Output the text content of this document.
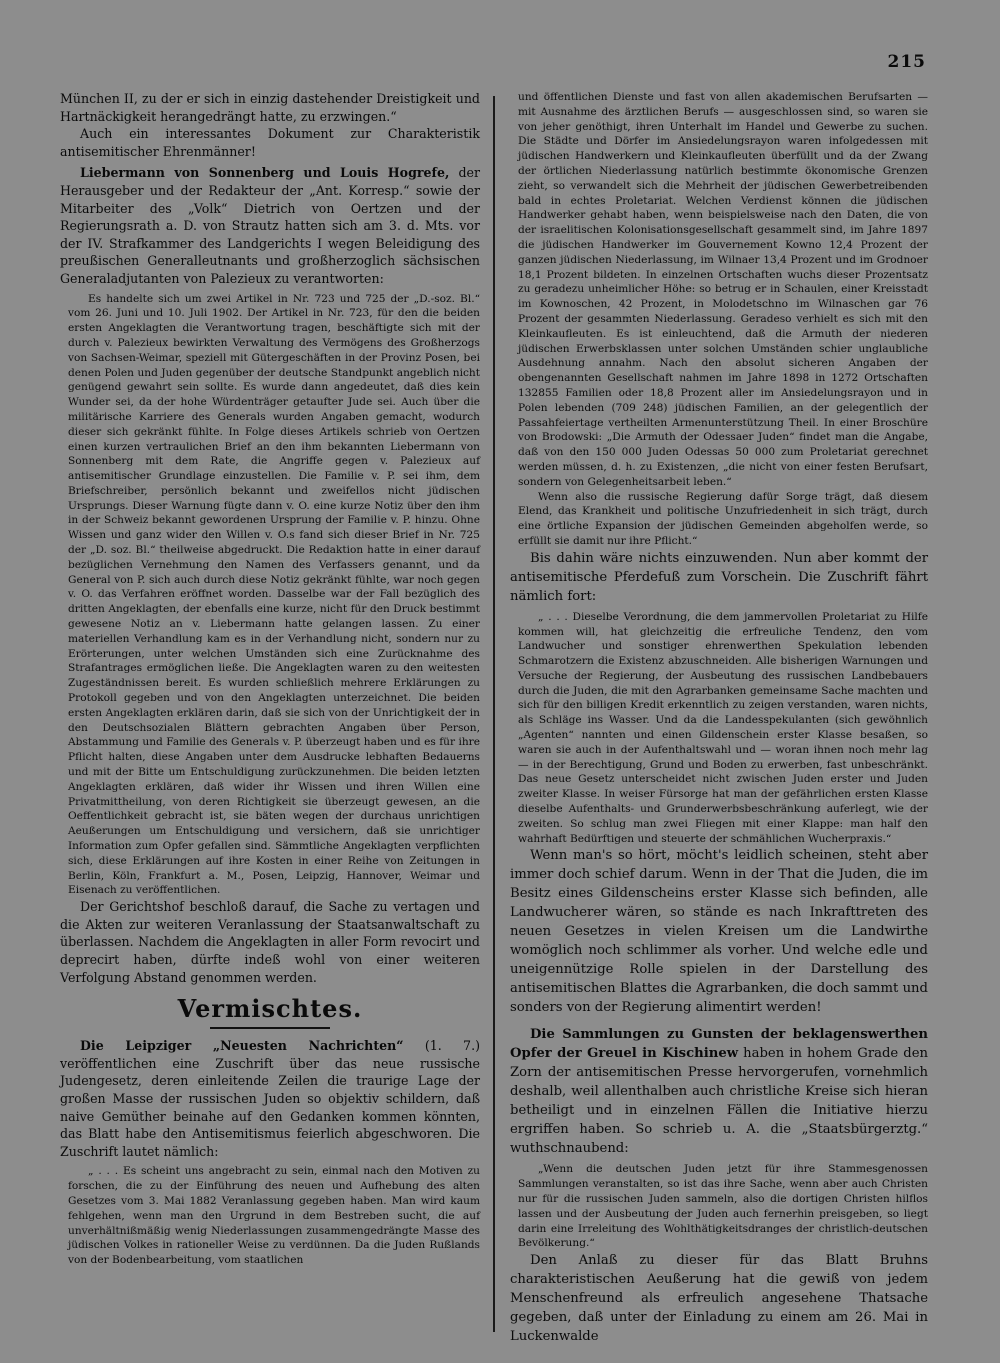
215

München II, zu der er sich in einzig dastehender Dreistigkeit und Hartnäckigkeit herangedrängt hatte, zu erzwingen.“

Auch ein interessantes Dokument zur Charakteristik antisemitischer Ehrenmänner!

Liebermann von Sonnenberg und Louis Hogrefe, der Herausgeber und der Redakteur der „Ant. Korresp.“ sowie der Mitarbeiter des „Volk“ Dietrich von Oertzen und der Regierungsrath a. D. von Strautz hatten sich am 3. d. Mts. vor der IV. Strafkammer des Landgerichts I wegen Beleidigung des preußischen Generalleutnants und großherzoglich sächsischen Generaladjutanten von Palezieux zu verantworten:

Es handelte sich um zwei Artikel in Nr. 723 und 725 der „D.-soz. Bl.“ vom 26. Juni und 10. Juli 1902. Der Artikel in Nr. 723, für den die beiden ersten Angeklagten die Verantwortung tragen, beschäftigte sich mit der durch v. Palezieux bewirkten Verwaltung des Vermögens des Großherzogs von Sachsen-Weimar, speziell mit Gütergeschäften in der Provinz Posen, bei denen Polen und Juden gegenüber der deutsche Standpunkt angeblich nicht genügend gewahrt sein sollte. Es wurde dann angedeutet, daß dies kein Wunder sei, da der hohe Würdenträger getaufter Jude sei. Auch über die militärische Karriere des Generals wurden Angaben gemacht, wodurch dieser sich gekränkt fühlte. In Folge dieses Artikels schrieb von Oertzen einen kurzen vertraulichen Brief an den ihm bekannten Liebermann von Sonnenberg mit dem Rate, die Angriffe gegen v. Palezieux auf antisemitischer Grundlage einzustellen. Die Familie v. P. sei ihm, dem Briefschreiber, persönlich bekannt und zweifellos nicht jüdischen Ursprungs. Dieser Warnung fügte dann v. O. eine kurze Notiz über den ihm in der Schweiz bekannt gewordenen Ursprung der Familie v. P. hinzu. Ohne Wissen und ganz wider den Willen v. O.s fand sich dieser Brief in Nr. 725 der „D. soz. Bl.“ theilweise abgedruckt. Die Redaktion hatte in einer darauf bezüglichen Vernehmung den Namen des Verfassers genannt, und da General von P. sich auch durch diese Notiz gekränkt fühlte, war noch gegen v. O. das Verfahren eröffnet worden. Dasselbe war der Fall bezüglich des dritten Angeklagten, der ebenfalls eine kurze, nicht für den Druck bestimmt gewesene Notiz an v. Liebermann hatte gelangen lassen. Zu einer materiellen Verhandlung kam es in der Verhandlung nicht, sondern nur zu Erörterungen, unter welchen Umständen sich eine Zurücknahme des Strafantrages ermöglichen ließe. Die Angeklagten waren zu den weitesten Zugeständnissen bereit. Es wurden schließlich mehrere Erklärungen zu Protokoll gegeben und von den Angeklagten unterzeichnet. Die beiden ersten Angeklagten erklären darin, daß sie sich von der Unrichtigkeit der in den Deutschsozialen Blättern gebrachten Angaben über Person, Abstammung und Familie des Generals v. P. überzeugt haben und es für ihre Pflicht halten, diese Angaben unter dem Ausdrucke lebhaften Bedauerns und mit der Bitte um Entschuldigung zurückzunehmen. Die beiden letzten Angeklagten erklären, daß wider ihr Wissen und ihren Willen eine Privatmittheilung, von deren Richtigkeit sie überzeugt gewesen, an die Oeffentlichkeit gebracht ist, sie bäten wegen der durchaus unrichtigen Aeußerungen um Entschuldigung und versichern, daß sie unrichtiger Information zum Opfer gefallen sind. Sämmtliche Angeklagten verpflichten sich, diese Erklärungen auf ihre Kosten in einer Reihe von Zeitungen in Berlin, Köln, Frankfurt a. M., Posen, Leipzig, Hannover, Weimar und Eisenach zu veröffentlichen.

Der Gerichtshof beschloß darauf, die Sache zu vertagen und die Akten zur weiteren Veranlassung der Staatsanwaltschaft zu überlassen. Nachdem die Angeklagten in aller Form revocirt und deprecirt haben, dürfte indeß wohl von einer weiteren Verfolgung Abstand genommen werden.

Vermischtes.

Die Leipziger „Neuesten Nachrichten“ (1. 7.) veröffentlichen eine Zuschrift über das neue russische Judengesetz, deren einleitende Zeilen die traurige Lage der großen Masse der russischen Juden so objektiv schildern, daß naive Gemüther beinahe auf den Gedanken kommen könnten, das Blatt habe den Antisemitismus feierlich abgeschworen. Die Zuschrift lautet nämlich:

„ . . . Es scheint uns angebracht zu sein, einmal nach den Motiven zu forschen, die zu der Einführung des neuen und Aufhebung des alten Gesetzes vom 3. Mai 1882 Veranlassung gegeben haben. Man wird kaum fehlgehen, wenn man den Urgrund in dem Bestreben sucht, die auf unverhältnißmäßig wenig Niederlassungen zusammengedrängte Masse des jüdischen Volkes in rationeller Weise zu verdünnen. Da die Juden Rußlands von der Bodenbearbeitung, vom staatlichen

und öffentlichen Dienste und fast von allen akademischen Berufsarten — mit Ausnahme des ärztlichen Berufs — ausgeschlossen sind, so waren sie von jeher genöthigt, ihren Unterhalt im Handel und Gewerbe zu suchen. Die Städte und Dörfer im Ansiedelungsrayon waren infolgedessen mit jüdischen Handwerkern und Kleinkaufleuten überfüllt und da der Zwang der örtlichen Niederlassung natürlich bestimmte ökonomische Grenzen zieht, so verwandelt sich die Mehrheit der jüdischen Gewerbetreibenden bald in echtes Proletariat. Welchen Verdienst können die jüdischen Handwerker gehabt haben, wenn beispielsweise nach den Daten, die von der israelitischen Kolonisationsgesellschaft gesammelt sind, im Jahre 1897 die jüdischen Handwerker im Gouvernement Kowno 12,4 Prozent der ganzen jüdischen Niederlassung, im Wilnaer 13,4 Prozent und im Grodnoer 18,1 Prozent bildeten. In einzelnen Ortschaften wuchs dieser Prozentsatz zu geradezu unheimlicher Höhe: so betrug er in Schaulen, einer Kreisstadt im Kownoschen, 42 Prozent, in Molodetschno im Wilnaschen gar 76 Prozent der gesammten Niederlassung. Geradeso verhielt es sich mit den Kleinkaufleuten. Es ist einleuchtend, daß die Armuth der niederen jüdischen Erwerbsklassen unter solchen Umständen schier unglaubliche Ausdehnung annahm. Nach den absolut sicheren Angaben der obengenannten Gesellschaft nahmen im Jahre 1898 in 1272 Ortschaften 132855 Familien oder 18,8 Prozent aller im Ansiedelungsrayon und in Polen lebenden (709 248) jüdischen Familien, an der gelegentlich der Passahfeiertage vertheilten Armenunterstützung Theil. In einer Broschüre von Brodowski: „Die Armuth der Odessaer Juden“ findet man die Angabe, daß von den 150 000 Juden Odessas 50 000 zum Proletariat gerechnet werden müssen, d. h. zu Existenzen, „die nicht von einer festen Berufsart, sondern von Gelegenheitsarbeit leben.“

Wenn also die russische Regierung dafür Sorge trägt, daß diesem Elend, das Krankheit und politische Unzufriedenheit in sich trägt, durch eine örtliche Expansion der jüdischen Gemeinden abgeholfen werde, so erfüllt sie damit nur ihre Pflicht.“

Bis dahin wäre nichts einzuwenden. Nun aber kommt der antisemitische Pferdefuß zum Vorschein. Die Zuschrift fährt nämlich fort:

„ . . . Dieselbe Verordnung, die dem jammervollen Proletariat zu Hilfe kommen will, hat gleichzeitig die erfreuliche Tendenz, den vom Landwucher und sonstiger ehrenwerthen Spekulation lebenden Schmarotzern die Existenz abzuschneiden. Alle bisherigen Warnungen und Versuche der Regierung, der Ausbeutung des russischen Landbebauers durch die Juden, die mit den Agrarbanken gemeinsame Sache machten und sich für den billigen Kredit erkenntlich zu zeigen verstanden, waren nichts, als Schläge ins Wasser. Und da die Landesspekulanten (sich gewöhnlich „Agenten“ nannten und einen Gildenschein erster Klasse besaßen, so waren sie auch in der Aufenthaltswahl und — woran ihnen noch mehr lag — in der Berechtigung, Grund und Boden zu erwerben, fast unbeschränkt. Das neue Gesetz unterscheidet nicht zwischen Juden erster und Juden zweiter Klasse. In weiser Fürsorge hat man der gefährlichen ersten Klasse dieselbe Aufenthalts- und Grunderwerbsbeschränkung auferlegt, wie der zweiten. So schlug man zwei Fliegen mit einer Klappe: man half den wahrhaft Bedürftigen und steuerte der schmählichen Wucherpraxis.“

Wenn man's so hört, möcht's leidlich scheinen, steht aber immer doch schief darum. Wenn in der That die Juden, die im Besitz eines Gildenscheins erster Klasse sich befinden, alle Landwucherer wären, so stände es nach Inkrafttreten des neuen Gesetzes in vielen Kreisen um die Landwirthe womöglich noch schlimmer als vorher. Und welche edle und uneigennützige Rolle spielen in der Darstellung des antisemitischen Blattes die Agrarbanken, die doch sammt und sonders von der Regierung alimentirt werden!

Die Sammlungen zu Gunsten der beklagenswerthen Opfer der Greuel in Kischinew haben in hohem Grade den Zorn der antisemitischen Presse hervorgerufen, vornehmlich deshalb, weil allenthalben auch christliche Kreise sich hieran betheiligt und in einzelnen Fällen die Initiative hierzu ergriffen haben. So schrieb u. A. die „Staatsbürgerztg.“ wuthschnaubend:

„Wenn die deutschen Juden jetzt für ihre Stammesgenossen Sammlungen veranstalten, so ist das ihre Sache, wenn aber auch Christen nur für die russischen Juden sammeln, also die dortigen Christen hilflos lassen und der Ausbeutung der Juden auch fernerhin preisgeben, so liegt darin eine Irreleitung des Wohlthätigkeitsdranges der christlich-deutschen Bevölkerung.“

Den Anlaß zu dieser für das Blatt Bruhns charakteristischen Aeußerung hat die gewiß von jedem Menschenfreund als erfreulich angesehene Thatsache gegeben, daß unter der Einladung zu einem am 26. Mai in Luckenwalde
